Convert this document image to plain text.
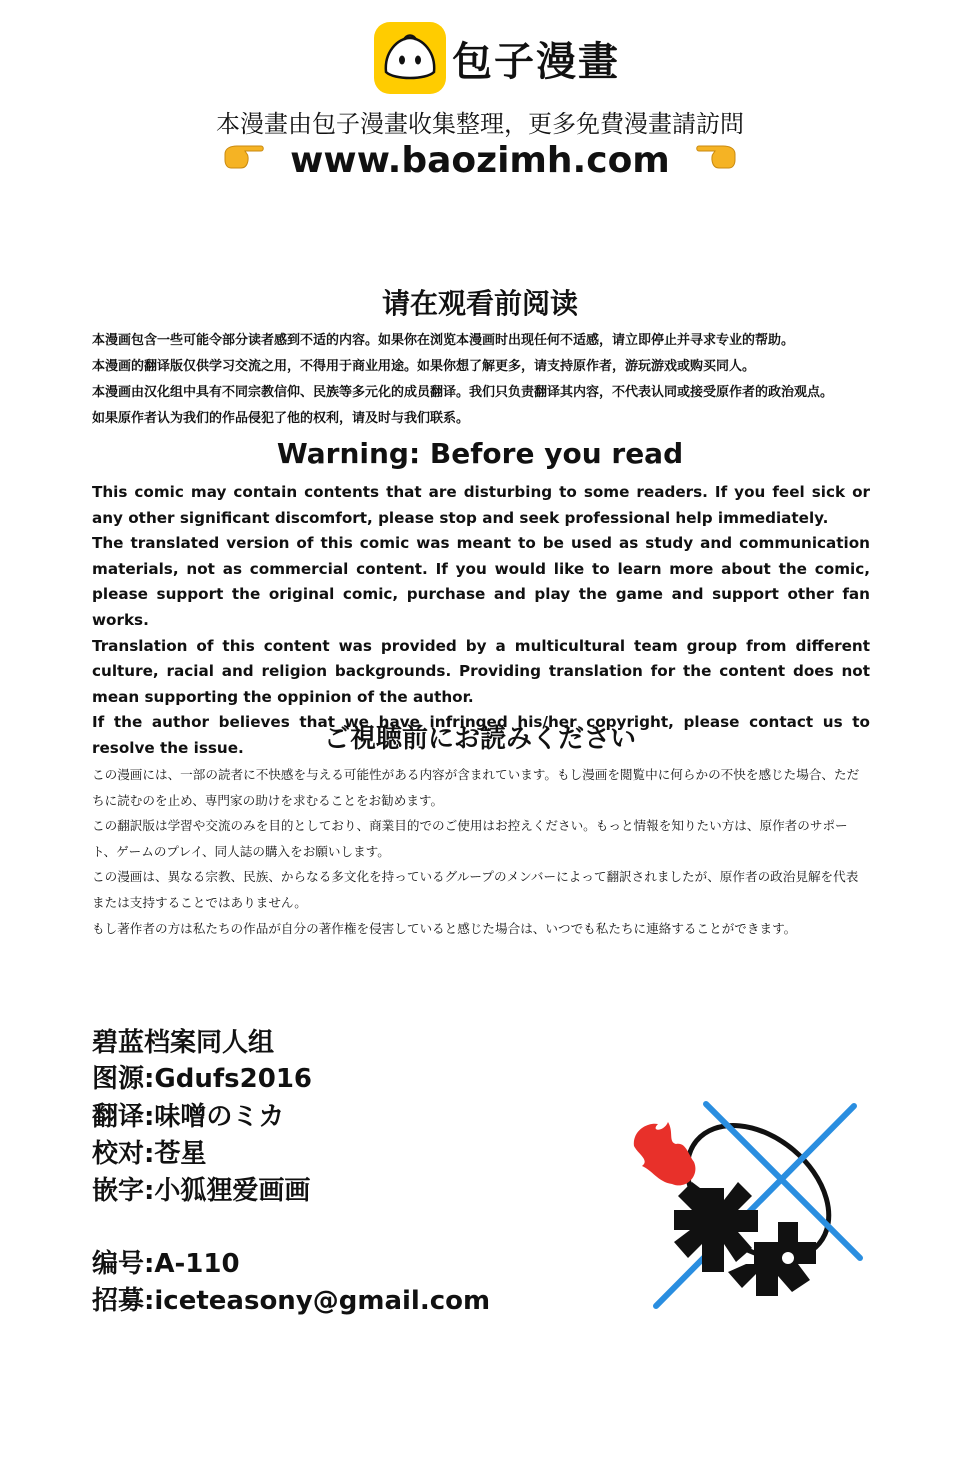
包子漫畫
本漫畫由包子漫畫收集整理，更多免費漫畫請訪問
www.baozimh.com
请在观看前阅读

本漫画包含一些可能令部分读者感到不适的内容。如果你在浏览本漫画时出现任何不适感，请立即停止并寻求专业的帮助。

本漫画的翻译版仅供学习交流之用，不得用于商业用途。如果你想了解更多，请支持原作者，游玩游戏或购买同人。

本漫画由汉化组中具有不同宗教信仰、民族等多元化的成员翻译。我们只负责翻译其内容，不代表认同或接受原作者的政治观点。

如果原作者认为我们的作品侵犯了他的权利，请及时与我们联系。

Warning: Before you read

This comic may contain contents that are disturbing to some readers. If you feel sick or any other significant discomfort, please stop and seek professional help immediately.

The translated version of this comic was meant to be used as study and communication materials, not as commercial content. If you would like to learn more about the comic, please support the original comic, purchase and play the game and support other fan works.

Translation of this content was provided by a multicultural team group from different culture, racial and religion backgrounds. Providing translation for the content does not mean supporting the oppinion of the author.

If the author believes that we have infringed his/her copyright, please contact us to resolve the issue.	ご視聴前にお読みください

この漫画には、一部の読者に不快感を与える可能性がある内容が含まれています。もし漫画を閲覧中に何らかの不快を感じた場合、ただちに読むのを止め、専門家の助けを求むることをお勧めます。

この翻訳版は学習や交流のみを目的としており、商業目的でのご使用はお控えください。もっと情報を知りたい方は、原作者のサポート、ゲームのプレイ、同人誌の購入をお願いします。

この漫画は、異なる宗教、民族、からなる多文化を持っているグループのメンバーによって翻訳されましたが、原作者の政治見解を代表または支持することではありません。

もし著作者の方は私たちの作品が自分の著作権を侵害していると感じた場合は、いつでも私たちに連絡することができます。

碧蓝档案同人组
图源:Gdufs2016
翻译:味噌のミカ
校对:苍星
嵌字:小狐狸爱画画
编号:A-110
招募:iceteasony@gmail.com
